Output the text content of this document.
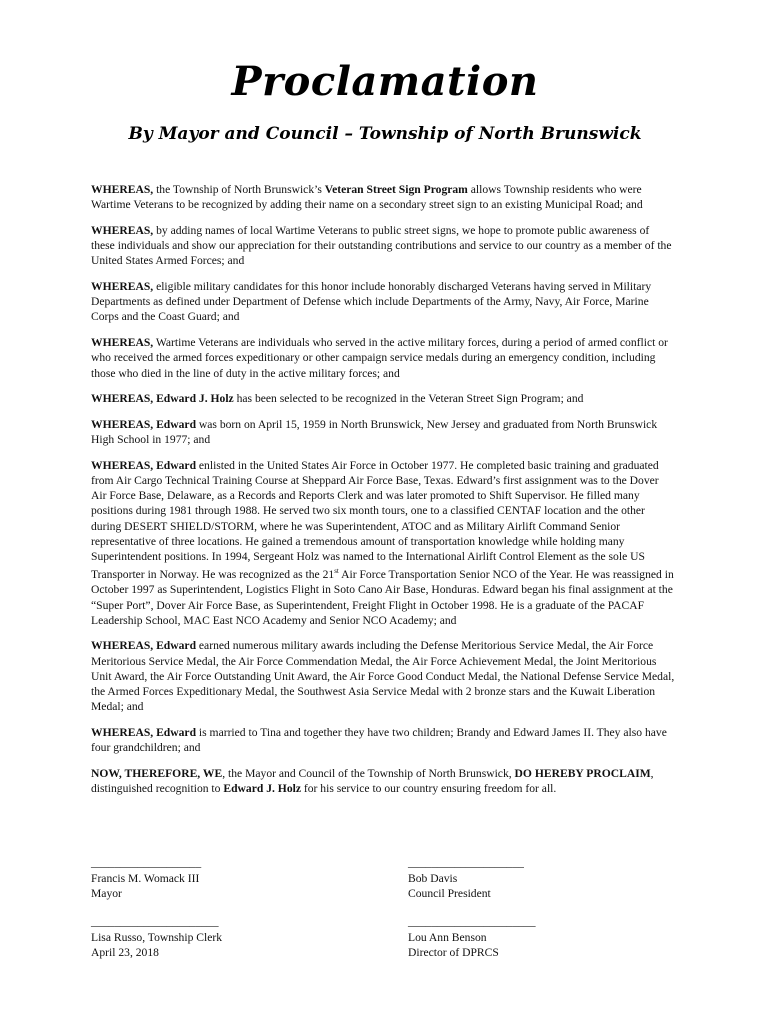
Proclamation
By Mayor and Council – Township of North Brunswick

WHEREAS, the Township of North Brunswick’s Veteran Street Sign Program allows Township residents who were Wartime Veterans to be recognized by adding their name on a secondary street sign to an existing Municipal Road; and

WHEREAS, by adding names of local Wartime Veterans to public street signs, we hope to promote public awareness of these individuals and show our appreciation for their outstanding contributions and service to our country as a member of the United States Armed Forces; and

WHEREAS, eligible military candidates for this honor include honorably discharged Veterans having served in Military Departments as defined under Department of Defense which include Departments of the Army, Navy, Air Force, Marine Corps and the Coast Guard; and

WHEREAS, Wartime Veterans are individuals who served in the active military forces, during a period of armed conflict or who received the armed forces expeditionary or other campaign service medals during an emergency condition, including those who died in the line of duty in the active military forces; and

WHEREAS, Edward J. Holz has been selected to be recognized in the Veteran Street Sign Program; and

WHEREAS, Edward was born on April 15, 1959 in North Brunswick, New Jersey and graduated from North Brunswick High School in 1977; and

WHEREAS, Edward enlisted in the United States Air Force in October 1977. He completed basic training and graduated from Air Cargo Technical Training Course at Sheppard Air Force Base, Texas. Edward’s first assignment was to the Dover Air Force Base, Delaware, as a Records and Reports Clerk and was later promoted to Shift Supervisor. He filled many positions during 1981 through 1988. He served two six month tours, one to a classified CENTAF location and the other during DESERT SHIELD/STORM, where he was Superintendent, ATOC and as Military Airlift Command Senior representative of three locations. He gained a tremendous amount of transportation knowledge while holding many Superintendent positions. In 1994, Sergeant Holz was named to the International Airlift Control Element as the sole US Transporter in Norway. He was recognized as the 21st Air Force Transportation Senior NCO of the Year. He was reassigned in October 1997 as Superintendent, Logistics Flight in Soto Cano Air Base, Honduras. Edward began his final assignment at the “Super Port”, Dover Air Force Base, as Superintendent, Freight Flight in October 1998. He is a graduate of the PACAF Leadership School, MAC East NCO Academy and Senior NCO Academy; and

WHEREAS, Edward earned numerous military awards including the Defense Meritorious Service Medal, the Air Force Meritorious Service Medal, the Air Force Commendation Medal, the Air Force Achievement Medal, the Joint Meritorious Unit Award, the Air Force Outstanding Unit Award, the Air Force Good Conduct Medal, the National Defense Service Medal, the Armed Forces Expeditionary Medal, the Southwest Asia Service Medal with 2 bronze stars and the Kuwait Liberation Medal; and

WHEREAS, Edward is married to Tina and together they have two children; Brandy and Edward James II. They also have four grandchildren; and

NOW, THEREFORE, WE, the Mayor and Council of the Township of North Brunswick, DO HEREBY PROCLAIM, distinguished recognition to Edward J. Holz for his service to our country ensuring freedom for all.

___________________
Francis M. Womack III
Mayor
____________________
Bob Davis
Council President
______________________
Lisa Russo, Township Clerk
April 23, 2018
______________________
Lou Ann Benson
Director of DPRCS
